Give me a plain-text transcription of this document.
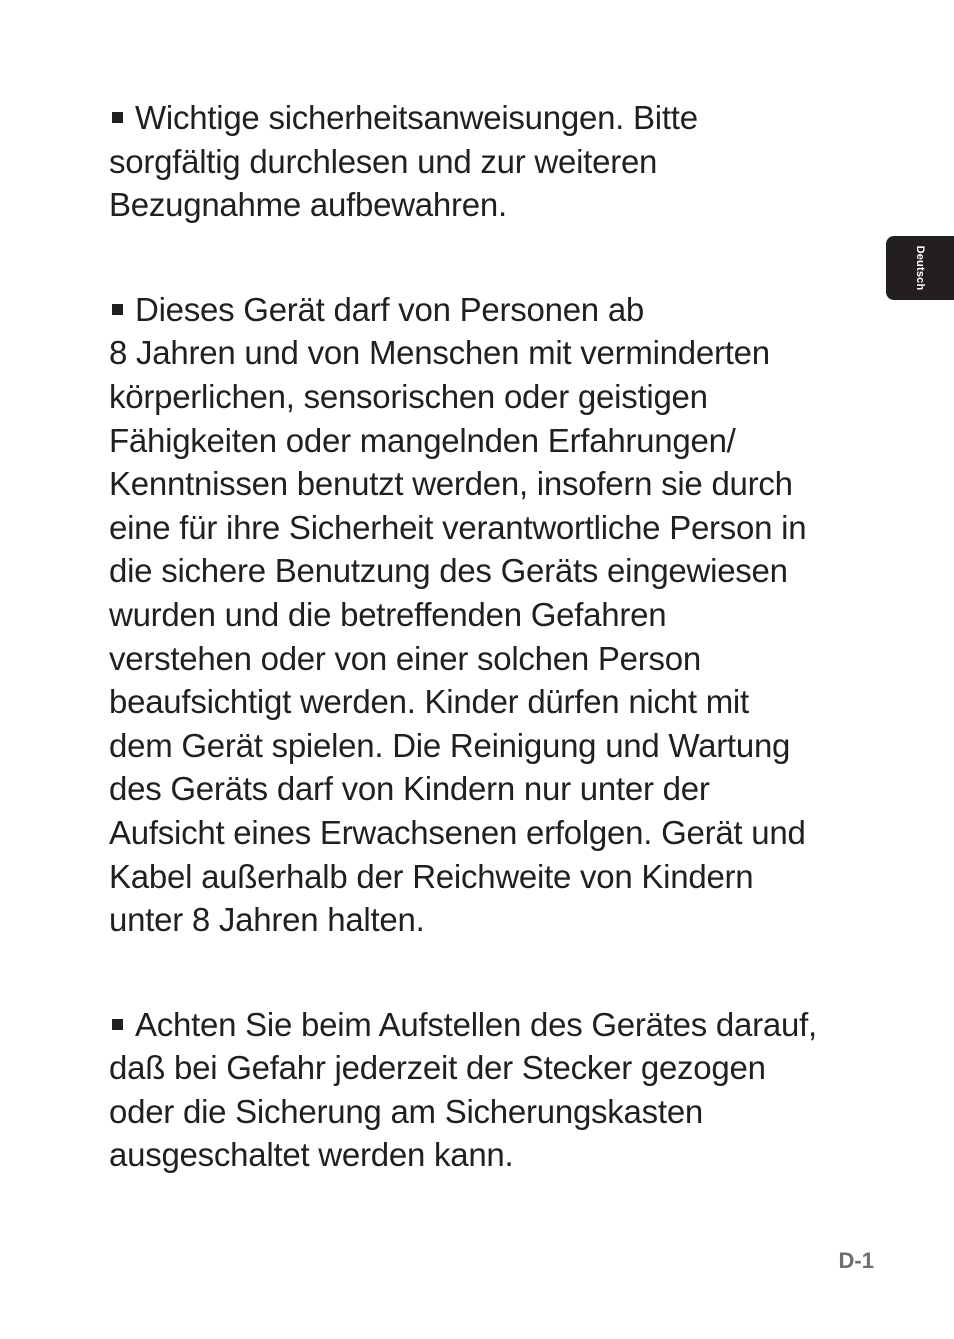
Deutsch

Wichtige sicherheitsanweisungen. Bitte
sorgfältig durchlesen und zur weiteren
Bezugnahme aufbewahren.

Dieses Gerät darf von Personen ab
8 Jahren und von Menschen mit verminderten
körperlichen, sensorischen oder geistigen
Fähigkeiten oder mangelnden Erfahrungen/
Kenntnissen benutzt werden, insofern sie durch
eine für ihre Sicherheit verantwortliche Person in
die sichere Benutzung des Geräts eingewiesen
wurden und die betreffenden Gefahren
verstehen oder von einer solchen Person
beaufsichtigt werden. Kinder dürfen nicht mit
dem Gerät spielen. Die Reinigung und Wartung
des Geräts darf von Kindern nur unter der
Aufsicht eines Erwachsenen erfolgen. Gerät und
Kabel außerhalb der Reichweite von Kindern
unter 8 Jahren halten.

Achten Sie beim Aufstellen des Gerätes darauf,
daß bei Gefahr jederzeit der Stecker gezogen
oder die Sicherung am Sicherungskasten
ausgeschaltet werden kann.

D-1
